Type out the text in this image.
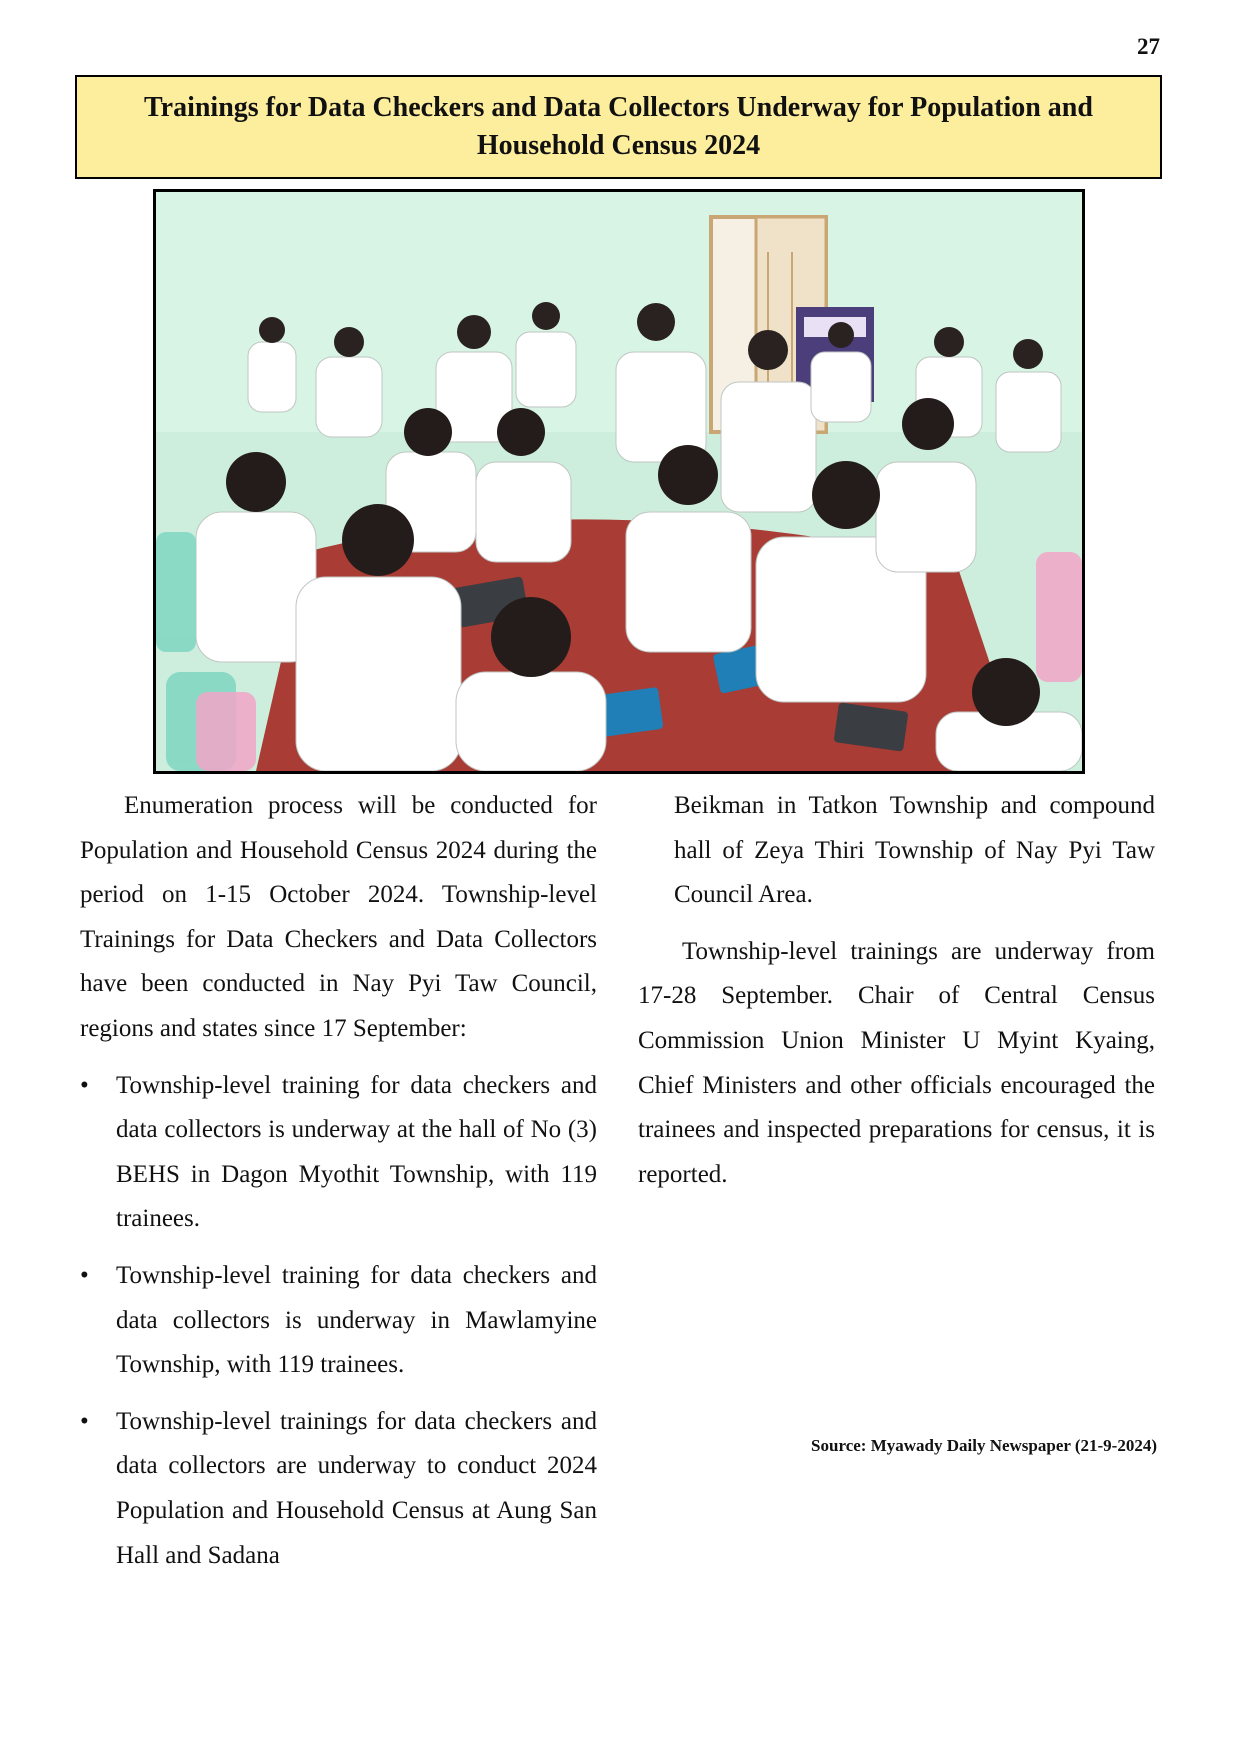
27
Trainings for Data Checkers and Data Collectors Underway for Population and Household Census 2024

Enumeration process will be conducted for Population and Household Census 2024 during the period on 1-15 October 2024. Township-level Trainings for Data Checkers and Data Collectors have been conducted in Nay Pyi Taw Council, regions and states since 17 September:

• Township-level training for data checkers and data collectors is underway at the hall of No (3) BEHS in Dagon Myothit Township, with 119 trainees.
• Township-level training for data checkers and data collectors is underway in Mawlamyine Township, with 119 trainees.
• Township-level trainings for data checkers and data collectors are underway to conduct 2024 Population and Household Census at Aung San Hall and Sadana

Beikman in Tatkon Township and compound hall of Zeya Thiri Township of Nay Pyi Taw Council Area.

Township-level trainings are underway from 17-28 September. Chair of Central Census Commission Union Minister U Myint Kyaing, Chief Ministers and other officials encouraged the trainees and inspected preparations for census, it is reported.

Source: Myawady Daily Newspaper (21-9-2024)
